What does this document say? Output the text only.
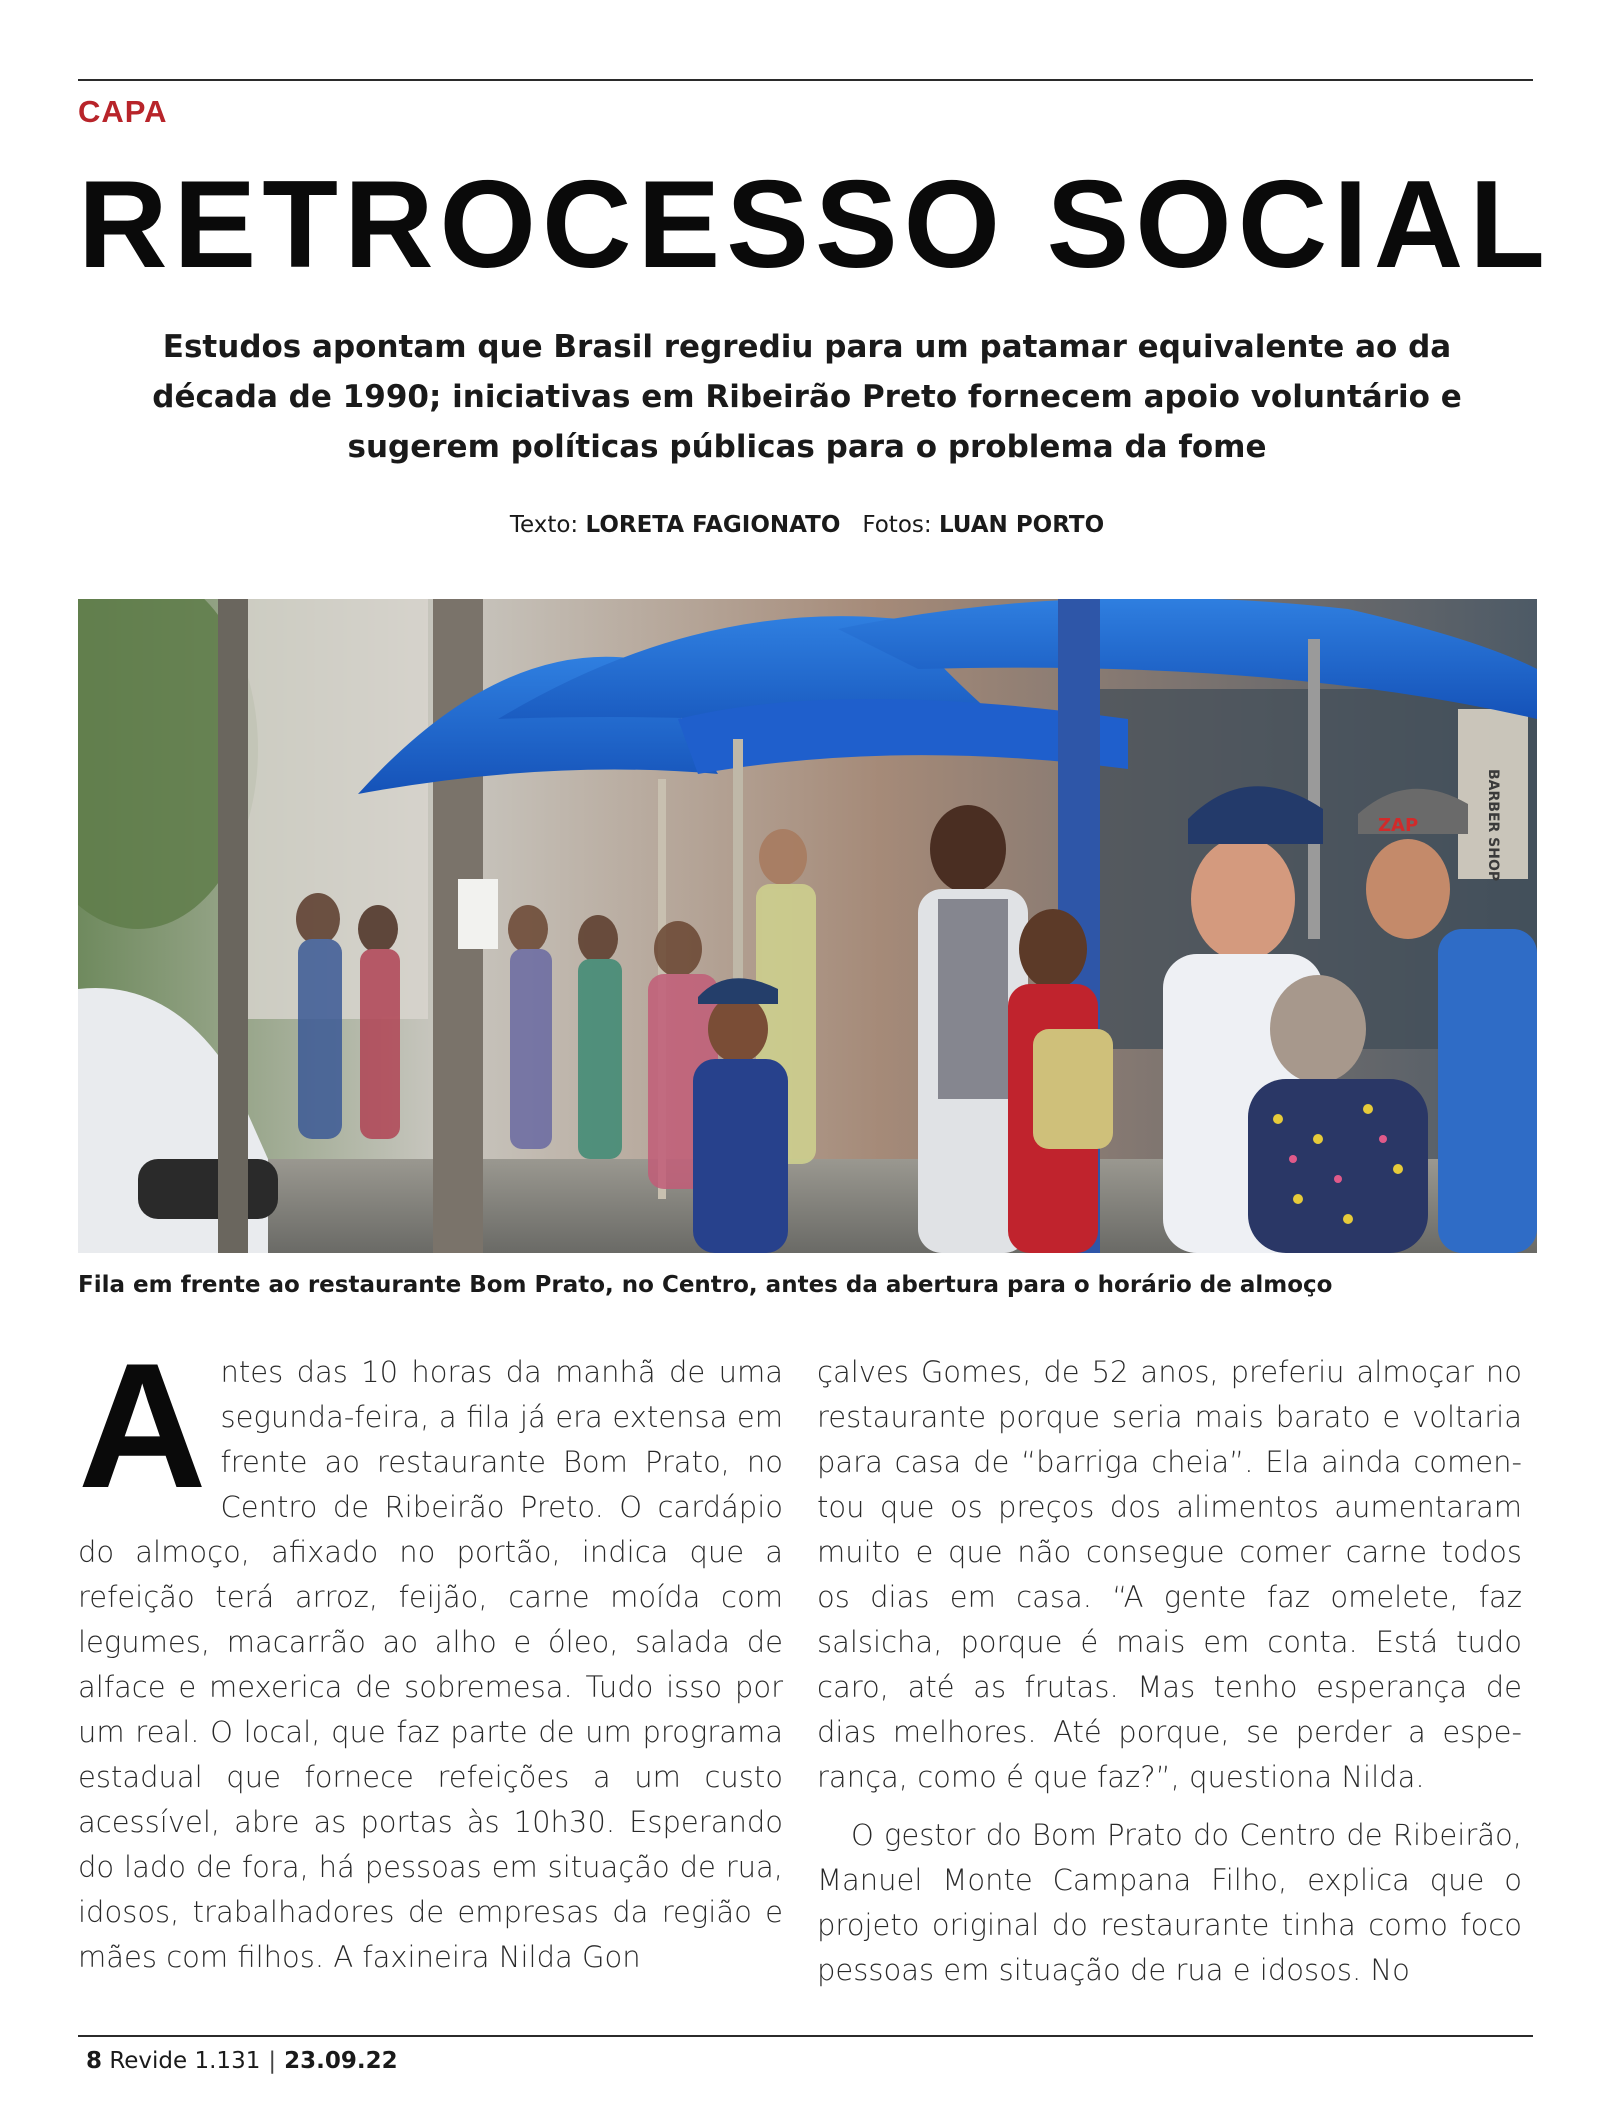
CAPA
RETROCESSO SOCIAL
Estudos apontam que Brasil regrediu para um patamar equivalente ao da década de 1990; iniciativas em Ribeirão Preto fornecem apoio voluntário e sugerem políticas públicas para o problema da fome
Texto: LORETA FAGIONATO Fotos: LUAN PORTO
BARBER SHOP
ZAP
Fila em frente ao restaurante Bom Prato, no Centro, antes da abertura para o horário de almoço

Antes das 10 horas da manhã de uma segunda-feira, a fila já era extensa em frente ao restaurante Bom Prato, no Centro de Ribeirão Preto. O cardápio do almoço, afixado no portão, indica que a refeição terá arroz, feijão, carne moída com legumes, macarrão ao alho e óleo, salada de alface e mexerica de sobremesa. Tudo isso por um real. O local, que faz parte de um programa estadual que fornece refeições a um custo acessível, abre as portas às 10h30. Esperando do lado de fora, há pessoas em situação de rua, idosos, trabalhadores de empresas da região e mães com filhos. A faxineira Nilda Gon

çalves Gomes, de 52 anos, preferiu almoçar no restaurante porque seria mais barato e voltaria para casa de “barriga cheia”. Ela ainda comentou que os preços dos alimentos aumentaram muito e que não consegue comer carne todos os dias em casa. “A gente faz omelete, faz salsicha, porque é mais em conta. Está tudo caro, até as frutas. Mas tenho esperança de dias melhores. Até porque, se perder a esperança, como é que faz?”, questiona Nilda.

O gestor do Bom Prato do Centro de Ribeirão, Manuel Monte Campana Filho, explica que o projeto original do restaurante tinha como foco pessoas em situação de rua e idosos. No

8 Revide 1.131 | 23.09.22
